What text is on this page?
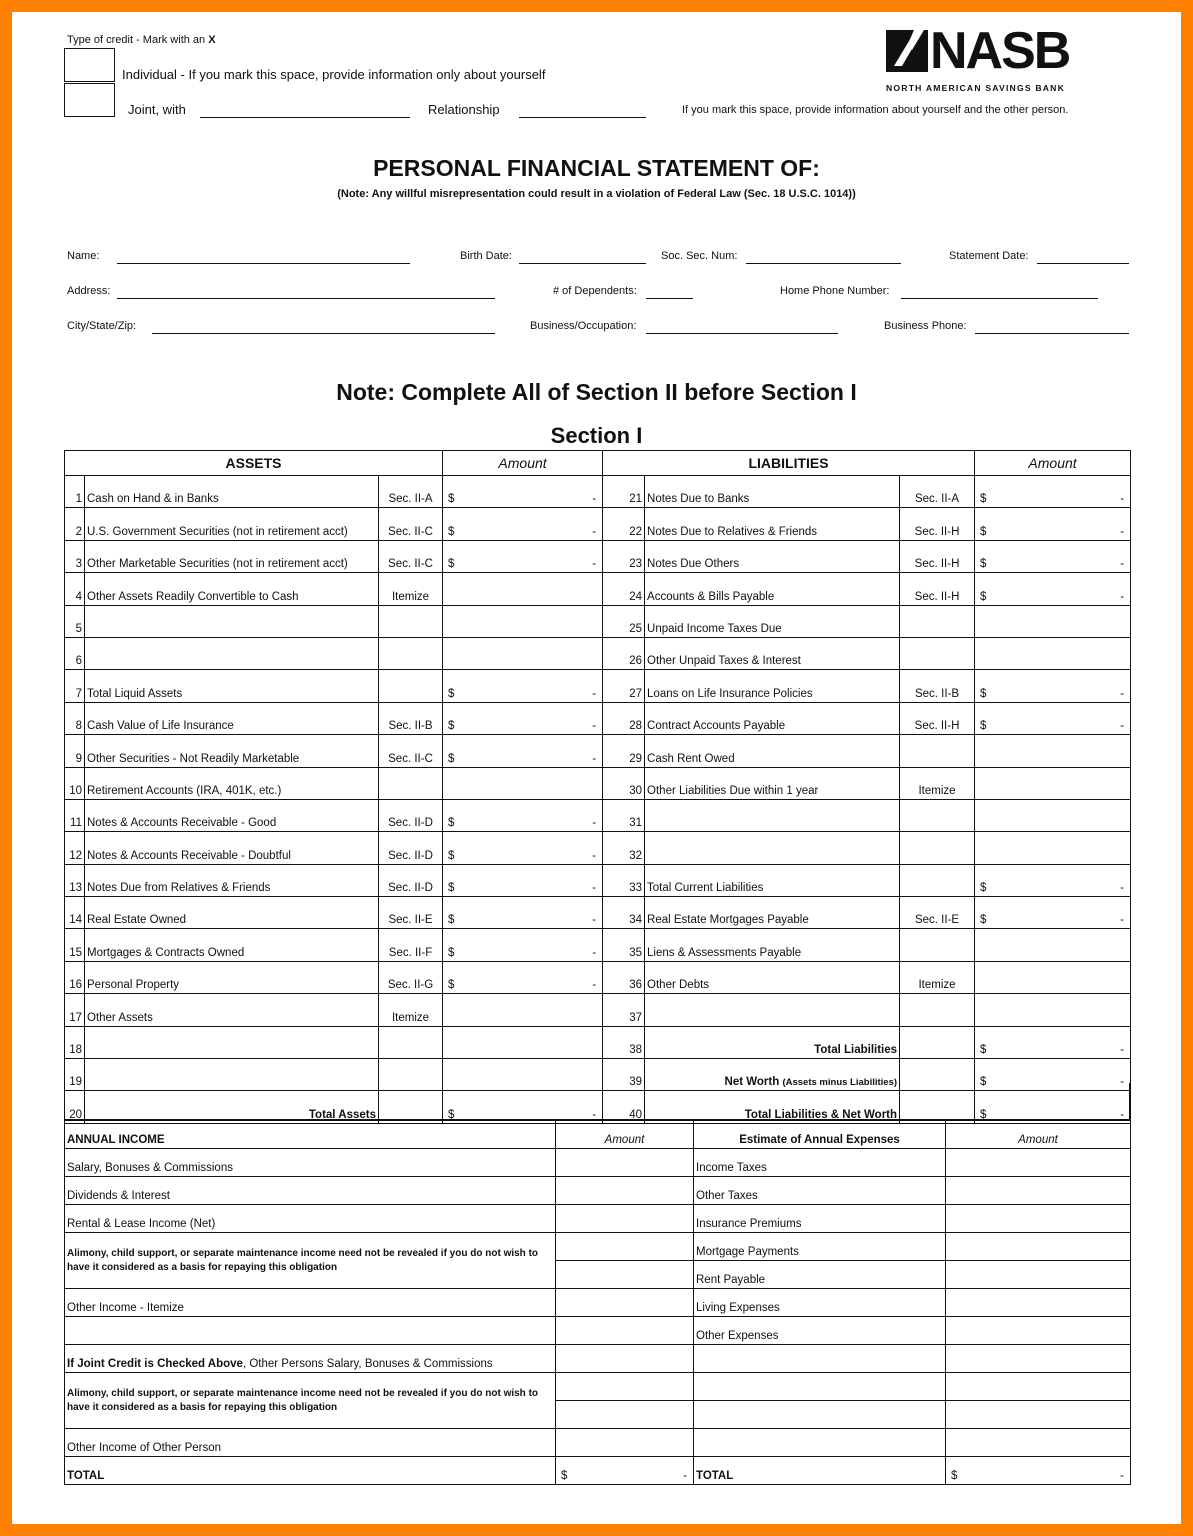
Type of credit - Mark with an X
Individual - If you mark this space, provide information only about yourself
Joint, with	Relationship	If you mark this space, provide information about yourself and the other person.
NASB
NORTH AMERICAN SAVINGS BANK
PERSONAL FINANCIAL STATEMENT OF:
(Note: Any willful misrepresentation could result in a violation of Federal Law (Sec. 18 U.S.C. 1014))
Name:	Birth Date:	Soc. Sec. Num:	Statement Date:
Address:	# of Dependents:	Home Phone Number:
City/State/Zip:	Business/Occupation:	Business Phone:
Note: Complete All of Section II before Section I
Section I
ASSETS			Amount	LIABILITIES			Amount
1	Cash on Hand & in Banks	Sec. II-A	$ -	21	Notes Due to Banks	Sec. II-A	$ -

2	U.S. Government Securities (not in retirement acct)	Sec. II-C	$ -	22	Notes Due to Relatives & Friends	Sec. II-H	$ -

3	Other Marketable Securities (not in retirement acct)	Sec. II-C	$ -	23	Notes Due Others	Sec. II-H	$ -

4	Other Assets Readily Convertible to Cash	Itemize		24	Accounts & Bills Payable	Sec. II-H	$ -

5				25	Unpaid Income Taxes Due		
6				26	Other Unpaid Taxes & Interest		
7	Total Liquid Assets		$ -	27	Loans on Life Insurance Policies	Sec. II-B	$ -

8	Cash Value of Life Insurance	Sec. II-B	$ -	28	Contract Accounts Payable	Sec. II-H	$ -

9	Other Securities - Not Readily Marketable	Sec. II-C	$ -	29	Cash Rent Owed		
10	Retirement Accounts (IRA, 401K, etc.)			30	Other Liabilities Due within 1 year	Itemize	
11	Notes & Accounts Receivable - Good	Sec. II-D	$ -	31			
12	Notes & Accounts Receivable - Doubtful	Sec. II-D	$ -	32			
13	Notes Due from Relatives & Friends	Sec. II-D	$ -	33	Total Current Liabilities		$ -

14	Real Estate Owned	Sec. II-E	$ -	34	Real Estate Mortgages Payable	Sec. II-E	$ -

15	Mortgages & Contracts Owned	Sec. II-F	$ -	35	Liens & Assessments Payable		
16	Personal Property	Sec. II-G	$ -	36	Other Debts	Itemize	
17	Other Assets	Itemize		37			
18				38	Total Liabilities		$ -

19				39	Net Worth (Assets minus Liabilities)		$ -

20	Total Assets		$ -	40	Total Liabilities & Net Worth		$ -
ANNUAL INCOME	Amount	Estimate of Annual Expenses	Amount
Salary, Bonuses & Commissions		Income Taxes	
Dividends & Interest		Other Taxes	
Rental & Lease Income (Net)		Insurance Premiums	
Alimony, child support, or separate maintenance income need not be revealed if you do not wish to have it considered as a basis for repaying this obligation		Mortgage Payments	
		Rent Payable	
Other Income - Itemize		Living Expenses	
		Other Expenses	
If Joint Credit is Checked Above, Other Persons Salary, Bonuses & Commissions			
Alimony, child support, or separate maintenance income need not be revealed if you do not wish to have it considered as a basis for repaying this obligation			

Other Income of Other Person			
TOTAL	$ -	TOTAL	$ -
